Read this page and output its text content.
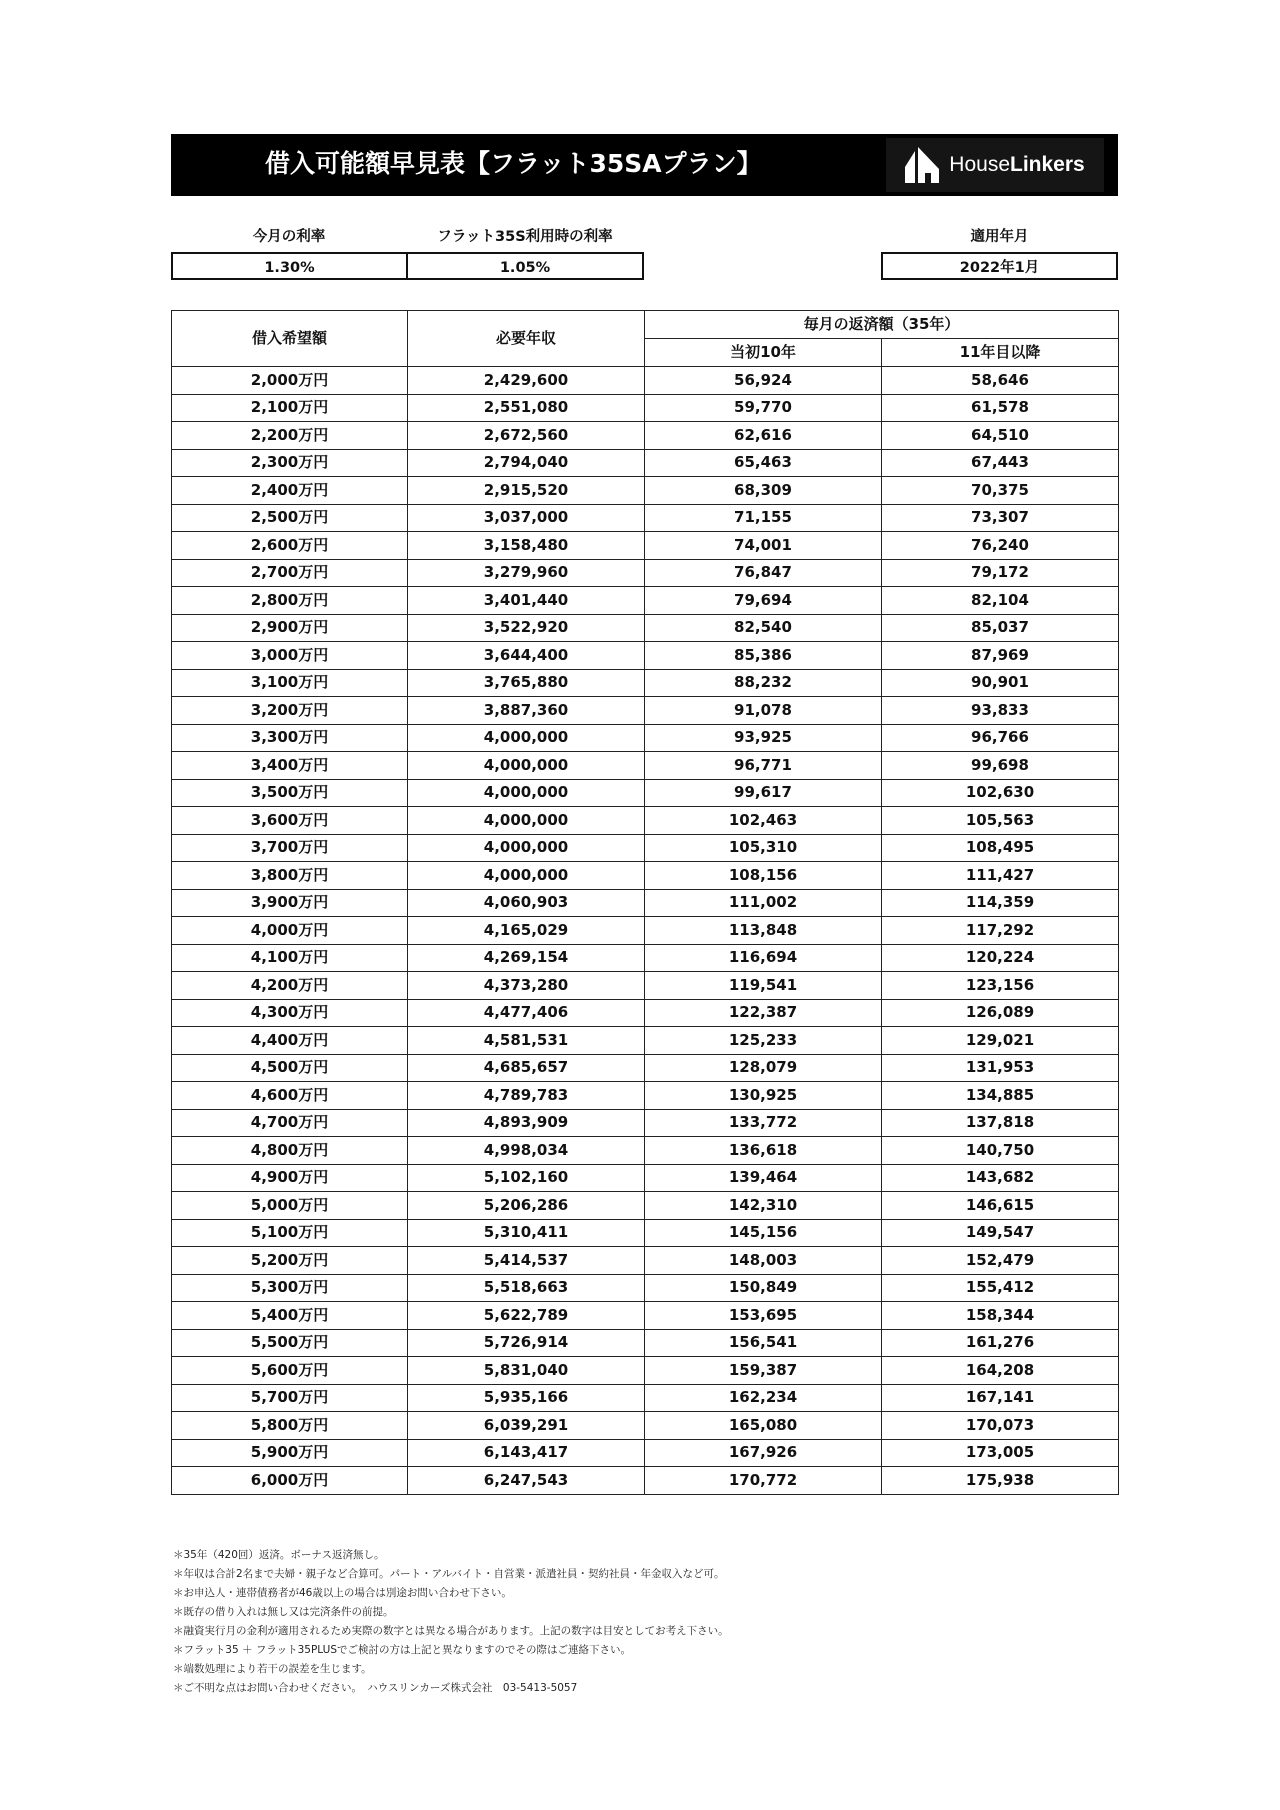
借入可能額早見表【フラット35SAプラン】	HouseLinkers
今月の利率	フラット35S利用時の利率	適用年月
1.30%	1.05%	2022年1月
借入希望額	必要年収	毎月の返済額（35年）	
		当初10年	11年目以降
2,000万円	2,429,600	56,924	58,646
2,100万円	2,551,080	59,770	61,578
2,200万円	2,672,560	62,616	64,510
2,300万円	2,794,040	65,463	67,443
2,400万円	2,915,520	68,309	70,375
2,500万円	3,037,000	71,155	73,307
2,600万円	3,158,480	74,001	76,240
2,700万円	3,279,960	76,847	79,172
2,800万円	3,401,440	79,694	82,104
2,900万円	3,522,920	82,540	85,037
3,000万円	3,644,400	85,386	87,969
3,100万円	3,765,880	88,232	90,901
3,200万円	3,887,360	91,078	93,833
3,300万円	4,000,000	93,925	96,766
3,400万円	4,000,000	96,771	99,698
3,500万円	4,000,000	99,617	102,630
3,600万円	4,000,000	102,463	105,563
3,700万円	4,000,000	105,310	108,495
3,800万円	4,000,000	108,156	111,427
3,900万円	4,060,903	111,002	114,359
4,000万円	4,165,029	113,848	117,292
4,100万円	4,269,154	116,694	120,224
4,200万円	4,373,280	119,541	123,156
4,300万円	4,477,406	122,387	126,089
4,400万円	4,581,531	125,233	129,021
4,500万円	4,685,657	128,079	131,953
4,600万円	4,789,783	130,925	134,885
4,700万円	4,893,909	133,772	137,818
4,800万円	4,998,034	136,618	140,750
4,900万円	5,102,160	139,464	143,682
5,000万円	5,206,286	142,310	146,615
5,100万円	5,310,411	145,156	149,547
5,200万円	5,414,537	148,003	152,479
5,300万円	5,518,663	150,849	155,412
5,400万円	5,622,789	153,695	158,344
5,500万円	5,726,914	156,541	161,276
5,600万円	5,831,040	159,387	164,208
5,700万円	5,935,166	162,234	167,141
5,800万円	6,039,291	165,080	170,073
5,900万円	6,143,417	167,926	173,005
6,000万円	6,247,543	170,772	175,938
＊35年（420回）返済。ボーナス返済無し。
＊年収は合計2名まで夫婦・親子など合算可。パート・アルバイト・自営業・派遣社員・契約社員・年金収入など可。
＊お申込人・連帯債務者が46歳以上の場合は別途お問い合わせ下さい。
＊既存の借り入れは無し又は完済条件の前提。
＊融資実行月の金利が適用されるため実際の数字とは異なる場合があります。上記の数字は目安としてお考え下さい。
＊フラット35 ＋ フラット35PLUSでご検討の方は上記と異なりますのでその際はご連絡下さい。
＊端数処理により若干の誤差を生じます。
＊ご不明な点はお問い合わせください。　ハウスリンカーズ株式会社　03-5413-5057
